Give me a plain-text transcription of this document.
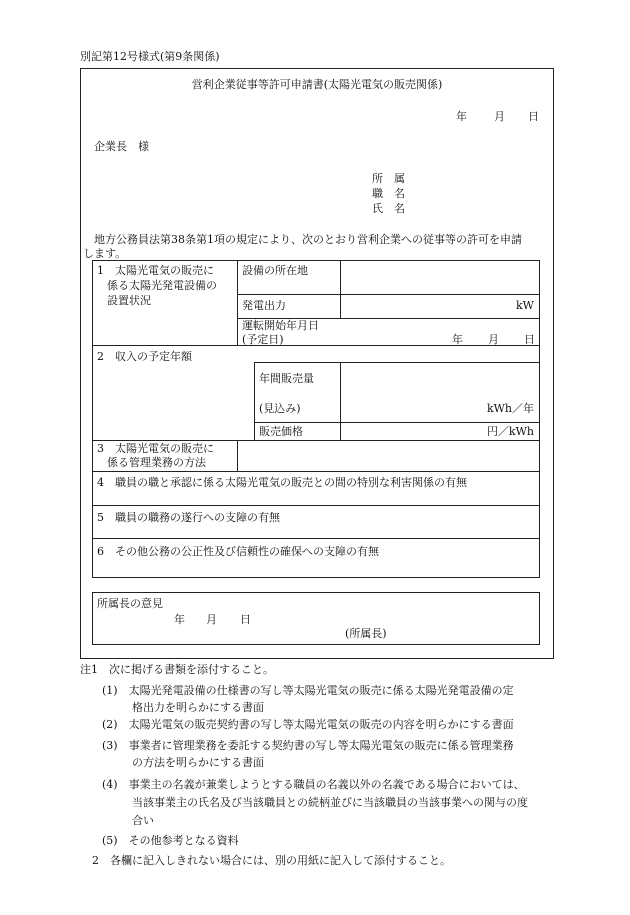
別記第12号様式(第9条関係)
営利企業従事等許可申請書(太陽光電気の販売関係)
年 月 日
企業長　様
所　属
職　名
氏　名
地方公務員法第38条第1項の規定により、次のとおり営利企業への従事等の許可を申請
します。
1　太陽光電気の販売に
係る太陽光発電設備の
設置状況
設備の所在地
発電出力	kW
運転開始年月日
(予定日)	年 月 日
2　収入の予定年額
年間販売量
(見込み)	kWh／年
販売価格	円／kWh
3　太陽光電気の販売に
係る管理業務の方法
4　職員の職と承認に係る太陽光電気の販売との間の特別な利害関係の有無
5　職員の職務の遂行への支障の有無
6　その他公務の公正性及び信頼性の確保への支障の有無
所属長の意見
年 月 日
(所属長)
注1　次に掲げる書類を添付すること。
(1)　太陽光発電設備の仕様書の写し等太陽光電気の販売に係る太陽光発電設備の定
格出力を明らかにする書面
(2)　太陽光電気の販売契約書の写し等太陽光電気の販売の内容を明らかにする書面
(3)　事業者に管理業務を委託する契約書の写し等太陽光電気の販売に係る管理業務
の方法を明らかにする書面
(4)　事業主の名義が兼業しようとする職員の名義以外の名義である場合においては、
当該事業主の氏名及び当該職員との続柄並びに当該職員の当該事業への関与の度
合い
(5)　その他参考となる資料
2　各欄に記入しきれない場合には、別の用紙に記入して添付すること。
